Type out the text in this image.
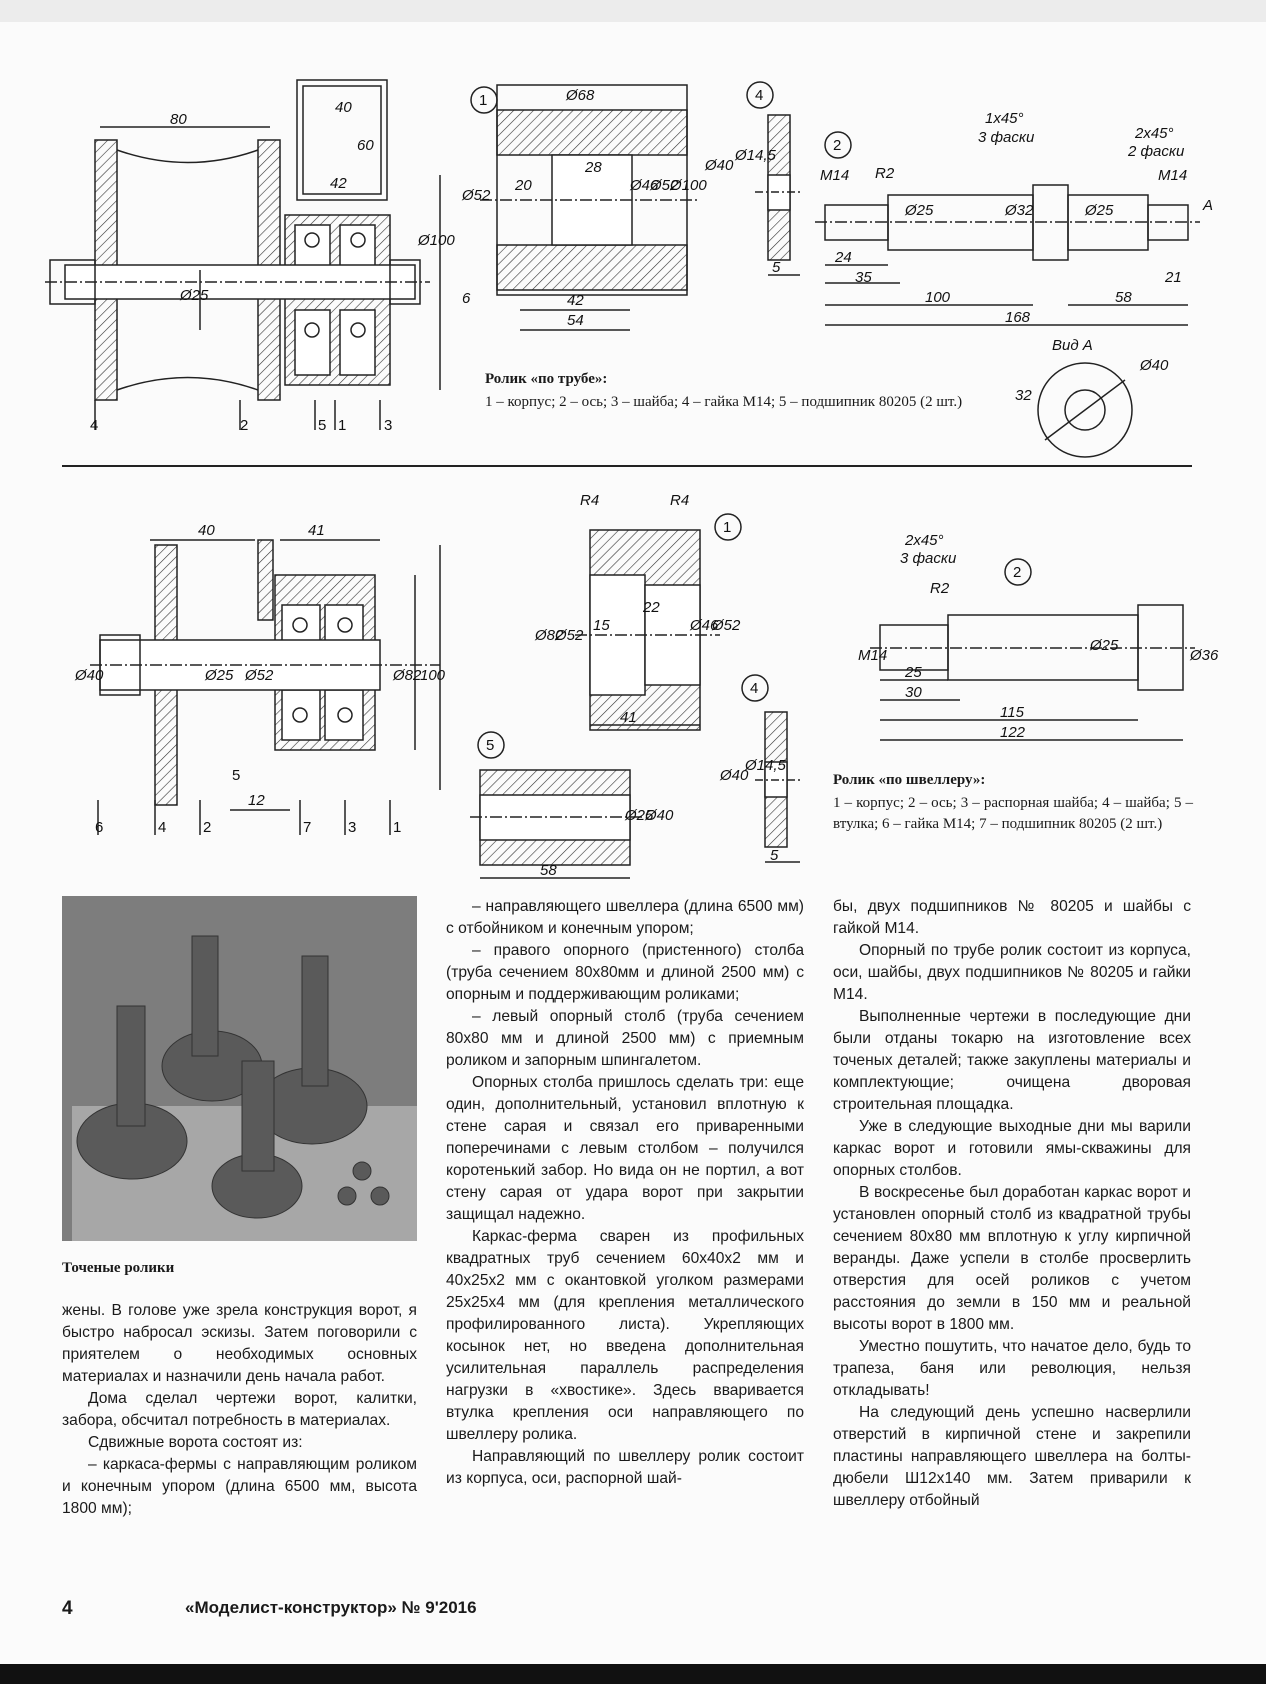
80
40
60
42
Ø100
Ø25
4	2	5 1	3
1	Ø68
28
Ø52
20	Ø46
Ø52
Ø100
6	42
54
4
Ø40
Ø14,5
5
2
1x45°
3 фаски	2x45°
2 фаски
M14 R2
Ø25	Ø32	Ø25
M14
A
24
35
100	58
21
168
Вид А
Ø40
32
40	41
Ø40	Ø25 Ø52	Ø82
100
12
6	4 2
5
7 3 1
R4	R4
1
Ø82
Ø52
15
22
Ø46
Ø52
41
5
Ø25
Ø40
58
4
Ø40
Ø14,5
5
2x45°
3 фаски
2
R2
M14
Ø25
Ø36
25
30
115
122
Ролик «по трубе»:
1 – корпус; 2 – ось; 3 – шайба; 4 – гайка М14; 5 – подшипник 80205 (2 шт.)
Ролик «по швеллеру»:
1 – корпус; 2 – ось; 3 – распорная шайба; 4 – шайба; 5 – втулка; 6 – гайка М14; 7 – подшипник 80205 (2 шт.)
Точеные ролики

жены. В голове уже зрела конструкция ворот, я быстро набросал эскизы. Затем поговорили с приятелем о необходимых основных материалах и назначили день начала работ.

Дома сделал чертежи ворот, калитки, забора, обсчитал потребность в материалах.

Сдвижные ворота состоят из:

– каркаса-фермы с направляющим роликом и конечным упором (длина 6500 мм, высота 1800 мм);

– направляющего швеллера (длина 6500 мм) с отбойником и конечным упором;

– правого опорного (пристенного) столба (труба сечением 80х80мм и длиной 2500 мм) с опорным и поддерживающим роликами;

– левый опорный столб (труба сечением 80х80 мм и длиной 2500 мм) с приемным роликом и запорным шпингалетом.

Опорных столба пришлось сделать три: еще один, дополнительный, установил вплотную к стене сарая и связал его приваренными поперечинами с левым столбом – получился коротенький забор. Но вида он не портил, а вот стену сарая от удара ворот при закрытии защищал надежно.

Каркас-ферма сварен из профильных квадратных труб сечением 60х40х2 мм и 40х25х2 мм с окантовкой уголком размерами 25х25х4 мм (для крепления металлического профилированного листа). Укрепляющих косынок нет, но введена дополнительная усилительная параллель распределения нагрузки в «хвостике». Здесь вваривается втулка крепления оси направляющего по швеллеру ролика.

Направляющий по швеллеру ролик состоит из корпуса, оси, распорной шай-

бы, двух подшипников № 80205 и шайбы с гайкой М14.

Опорный по трубе ролик состоит из корпуса, оси, шайбы, двух подшипников № 80205 и гайки М14.

Выполненные чертежи в последующие дни были отданы токарю на изготовление всех точеных деталей; также закуплены материалы и комплектующие; очищена дворовая строительная площадка.

Уже в следующие выходные дни мы варили каркас ворот и готовили ямы-скважины для опорных столбов.

В воскресенье был доработан каркас ворот и установлен опорный столб из квадратной трубы сечением 80х80 мм вплотную к углу кирпичной веранды. Даже успели в столбе просверлить отверстия для осей роликов с учетом расстояния до земли в 150 мм и реальной высоты ворот в 1800 мм.

Уместно пошутить, что начатое дело, будь то трапеза, баня или революция, нельзя откладывать!

На следующий день успешно насверлили отверстий в кирпичной стене и закрепили пластины направляющего швеллера на болты-дюбели Ш12х140 мм. Затем приварили к швеллеру отбойный

4	«Моделист-конструктор» № 9'2016
